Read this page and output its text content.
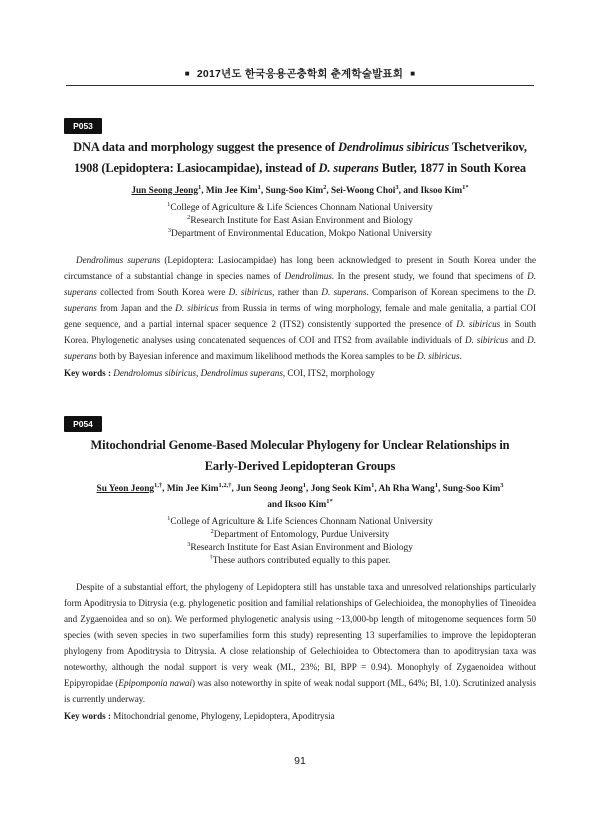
■ 2017년도 한국응용곤충학회 춘계학술발표회 ■
P053
DNA data and morphology suggest the presence of Dendrolimus sibiricus Tschetverikov, 1908 (Lepidoptera: Lasiocampidae), instead of D. superans Butler, 1877 in South Korea
Jun Seong Jeong$^1$, Min Jee Kim$^1$, Sung-Soo Kim$^2$, Sei-Woong Choi$^3$, and Iksoo Kim$^{1*}$
$^1$College of Agriculture & Life Sciences Chonnam National University
$^2$Research Institute for East Asian Environment and Biology
$^3$Department of Environmental Education, Mokpo National University
Dendrolimus superans (Lepidoptera: Lasiocampidae) has long been acknowledged to present in South Korea under the circumstance of a substantial change in species names of Dendrolimus. In the present study, we found that specimens of D. superans collected from South Korea were D. sibiricus, rather than D. superans. Comparison of Korean specimens to the D. superans from Japan and the D. sibiricus from Russia in terms of wing morphology, female and male genitalia, a partial COI gene sequence, and a partial internal spacer sequence 2 (ITS2) consistently supported the presence of D. sibiricus in South Korea. Phylogenetic analyses using concatenated sequences of COI and ITS2 from available individuals of D. sibiricus and D. superans both by Bayesian inference and maximum likelihood methods the Korea samples to be D. sibiricus.
Key words : Dendrolomus sibiricus, Dendrolimus superans, COI, ITS2, morphology
P054
Mitochondrial Genome-Based Molecular Phylogeny for Unclear Relationships in
Early-Derived Lepidopteran Groups
Su Yeon Jeong$^{1,\dagger}$, Min Jee Kim$^{1,2,\dagger}$, Jun Seong Jeong$^1$, Jong Seok Kim$^1$, Ah Rha Wang$^1$, Sung-Soo Kim$^3$
and Iksoo Kim$^{1*}$
$^1$College of Agriculture & Life Sciences Chonnam National University
$^2$Department of Entomology, Purdue University
$^3$Research Institute for East Asian Environment and Biology
†These authors contributed equally to this paper.
Despite of a substantial effort, the phylogeny of Lepidoptera still has unstable taxa and unresolved relationships particularly form Apoditrysia to Ditrysia (e.g. phylogenetic position and familial relationships of Gelechioidea, the monophylies of Tineoidea and Zygaenoidea and so on). We performed phylogenetic analysis using ~13,000-bp length of mitogenome sequences form 50 species (with seven species in two superfamilies form this study) representing 13 superfamilies to improve the lepidopteran phylogeny from Apoditrysia to Ditrysia. A close relationship of Gelechioidea to Obtectomera than to apoditrysian taxa was noteworthy, although the nodal support is very weak (ML, 23%; BI, BPP = 0.94). Monophyly of Zygaenoidea without Epipyropidae (Epipomponia nawai) was also noteworthy in spite of weak nodal support (ML, 64%; BI, 1.0). Scrutinized analysis is currently underway.
Key words : Mitochondrial genome, Phylogeny, Lepidoptera, Apoditrysia
91
